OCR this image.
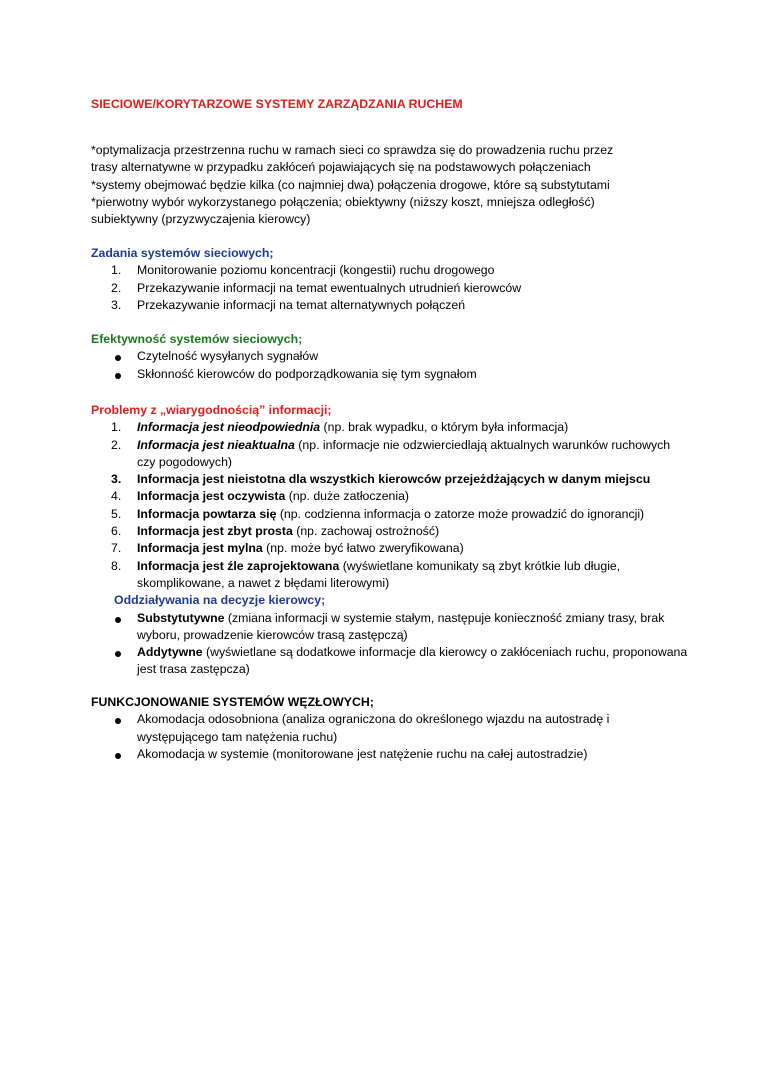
SIECIOWE/KORYTARZOWE SYSTEMY ZARZĄDZANIA RUCHEM

*optymalizacja przestrzenna ruchu w ramach sieci co sprawdza się do prowadzenia ruchu przez

trasy alternatywne w przypadku zakłóceń pojawiających się na podstawowych połączeniach

*systemy obejmować będzie kilka (co najmniej dwa) połączenia drogowe, które są substytutami

*pierwotny wybór wykorzystanego połączenia; obiektywny (niższy koszt, mniejsza odległość)

subiektywny (przyzwyczajenia kierowcy)

Zadania systemów sieciowych;

1. Monitorowanie poziomu koncentracji (kongestii) ruchu drogowego
2. Przekazywanie informacji na temat ewentualnych utrudnień kierowców
3. Przekazywanie informacji na temat alternatywnych połączeń

Efektywność systemów sieciowych;

Czytelność wysyłanych sygnałów
Skłonność kierowców do podporządkowania się tym sygnałom

Problemy z „wiarygodnością” informacji;

1. Informacja jest nieodpowiednia (np. brak wypadku, o którym była informacja)
2. Informacja jest nieaktualna (np. informacje nie odzwierciedlają aktualnych warunków ruchowych czy pogodowych)
3. Informacja jest nieistotna dla wszystkich kierowców przejeżdżających w danym miejscu
4. Informacja jest oczywista (np. duże zatłoczenia)
5. Informacja powtarza się (np. codzienna informacja o zatorze może prowadzić do ignorancji)
6. Informacja jest zbyt prosta (np. zachowaj ostrożność)
7. Informacja jest mylna (np. może być łatwo zweryfikowana)
8. Informacja jest źle zaprojektowana (wyświetlane komunikaty są zbyt krótkie lub długie, skomplikowane, a nawet z błędami literowymi)

Oddziaływania na decyzje kierowcy;

Substytutywne (zmiana informacji w systemie stałym, następuje konieczność zmiany trasy, brak wyboru, prowadzenie kierowców trasą zastępczą)
Addytywne (wyświetlane są dodatkowe informacje dla kierowcy o zakłóceniach ruchu, proponowana jest trasa zastępcza)

FUNKCJONOWANIE SYSTEMÓW WĘZŁOWYCH;

Akomodacja odosobniona (analiza ograniczona do określonego wjazdu na autostradę i występującego tam natężenia ruchu)
Akomodacja w systemie (monitorowane jest natężenie ruchu na całej autostradzie)
